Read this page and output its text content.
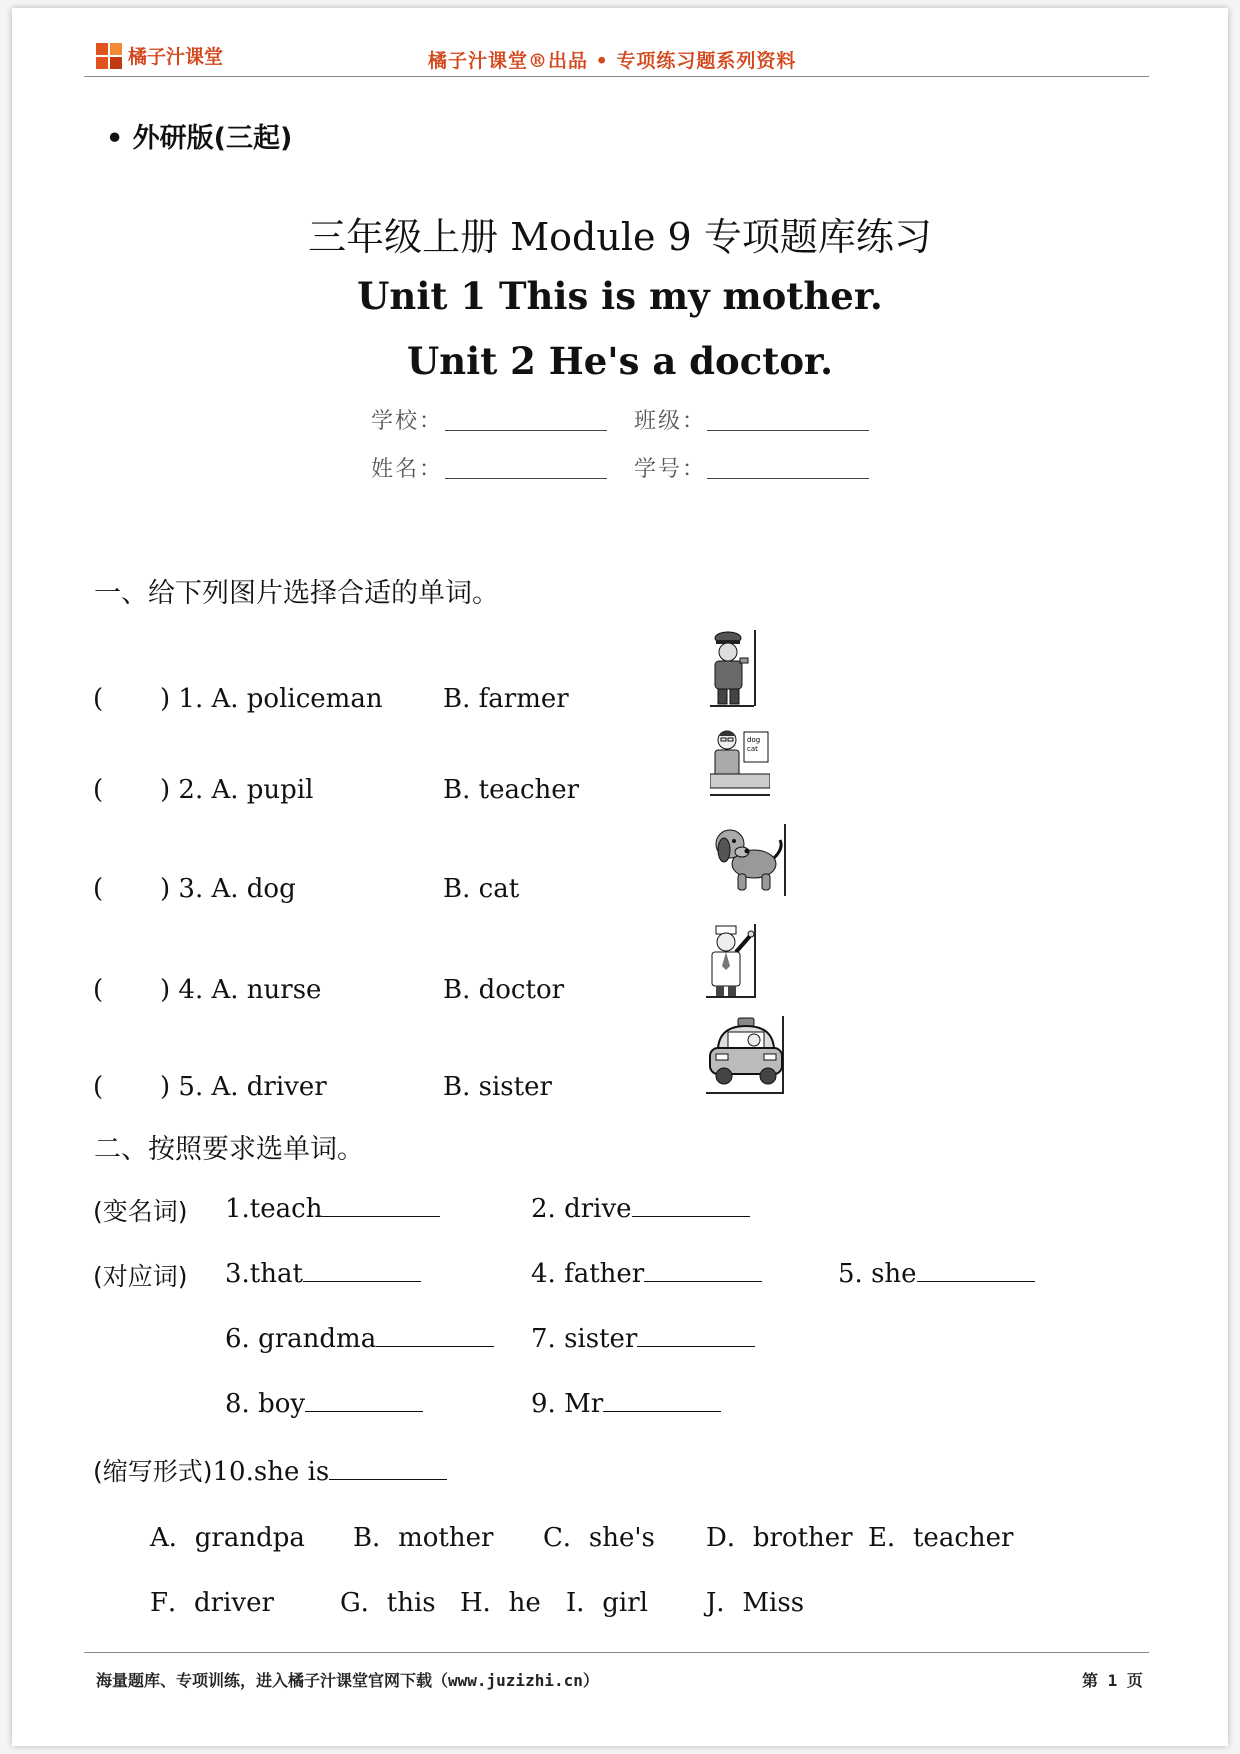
橘子汁课堂	橘子汁课堂®出品 • 专项练习题系列资料
• 外研版(三起)
三年级上册 Module 9 专项题库练习
Unit 1 This is my mother.
Unit 2 He's a doctor.
学校：	班级：
姓名：	学号：
一、给下列图片选择合适的单词。
( ) 1. A. policeman B. farmer
( ) 2. A. pupil	B. teacher
dog
cat
( ) 3. A. dog	B. cat
( ) 4. A. nurse	B. doctor
( ) 5. A. driver	B. sister
二、按照要求选单词。
(变名词) 1.teach	2. drive
(对应词) 3.that	4. father	5. she
6. grandma	7. sister
8. boy	9. Mr
(缩写形式)10.she is
A．grandpa B．mother C．she's D．brother E．teacher
F．driver	G．this H．he I．girl J．Miss
海量题库、专项训练，进入橘子汁课堂官网下载（www.juzizhi.cn）	第 1 页
